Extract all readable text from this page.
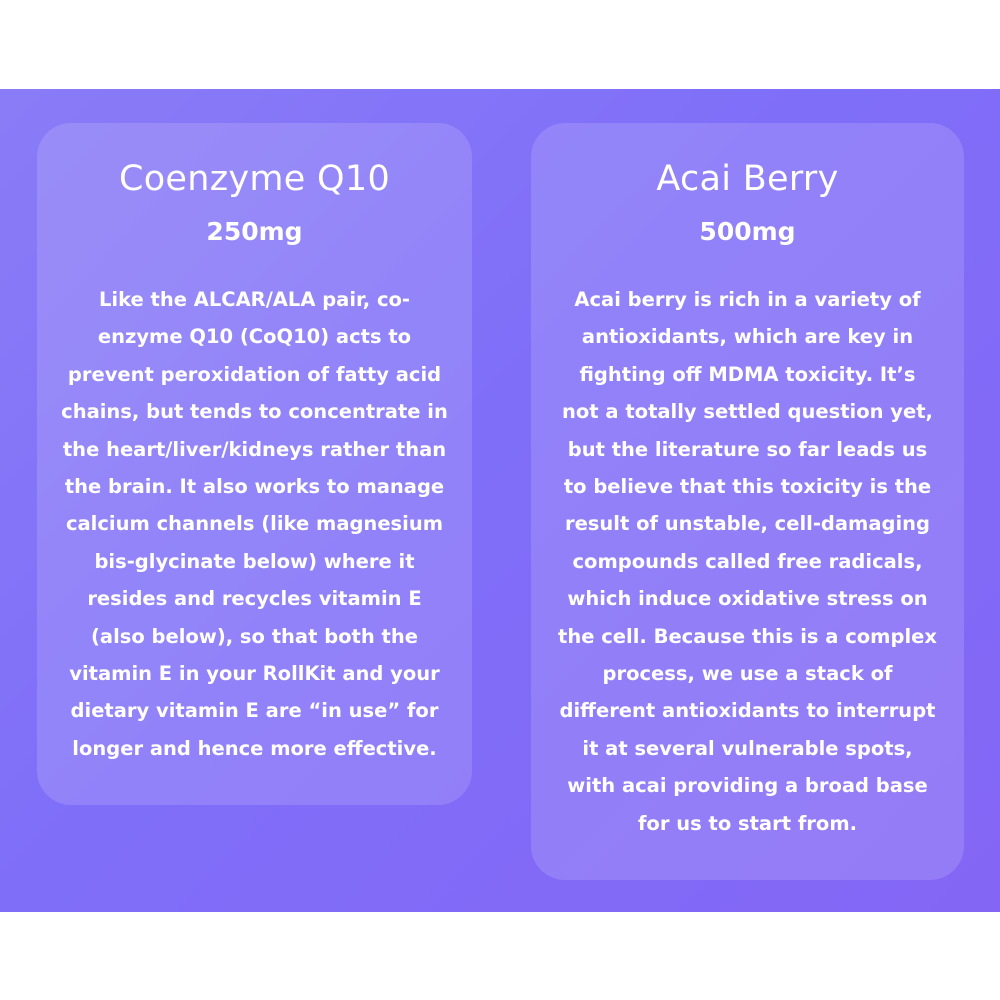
Coenzyme Q10
250mg

Like the ALCAR/ALA pair, co-
enzyme Q10 (CoQ10) acts to
prevent peroxidation of fatty acid
chains, but tends to concentrate in
the heart/liver/kidneys rather than
the brain. It also works to manage
calcium channels (like magnesium
bis-glycinate below) where it
resides and recycles vitamin E
(also below), so that both the
vitamin E in your RollKit and your
dietary vitamin E are “in use” for
longer and hence more effective.

Acai Berry
500mg

Acai berry is rich in a variety of
antioxidants, which are key in
fighting off MDMA toxicity. It’s
not a totally settled question yet,
but the literature so far leads us
to believe that this toxicity is the
result of unstable, cell-damaging
compounds called free radicals,
which induce oxidative stress on
the cell. Because this is a complex
process, we use a stack of
different antioxidants to interrupt
it at several vulnerable spots,
with acai providing a broad base
for us to start from.
